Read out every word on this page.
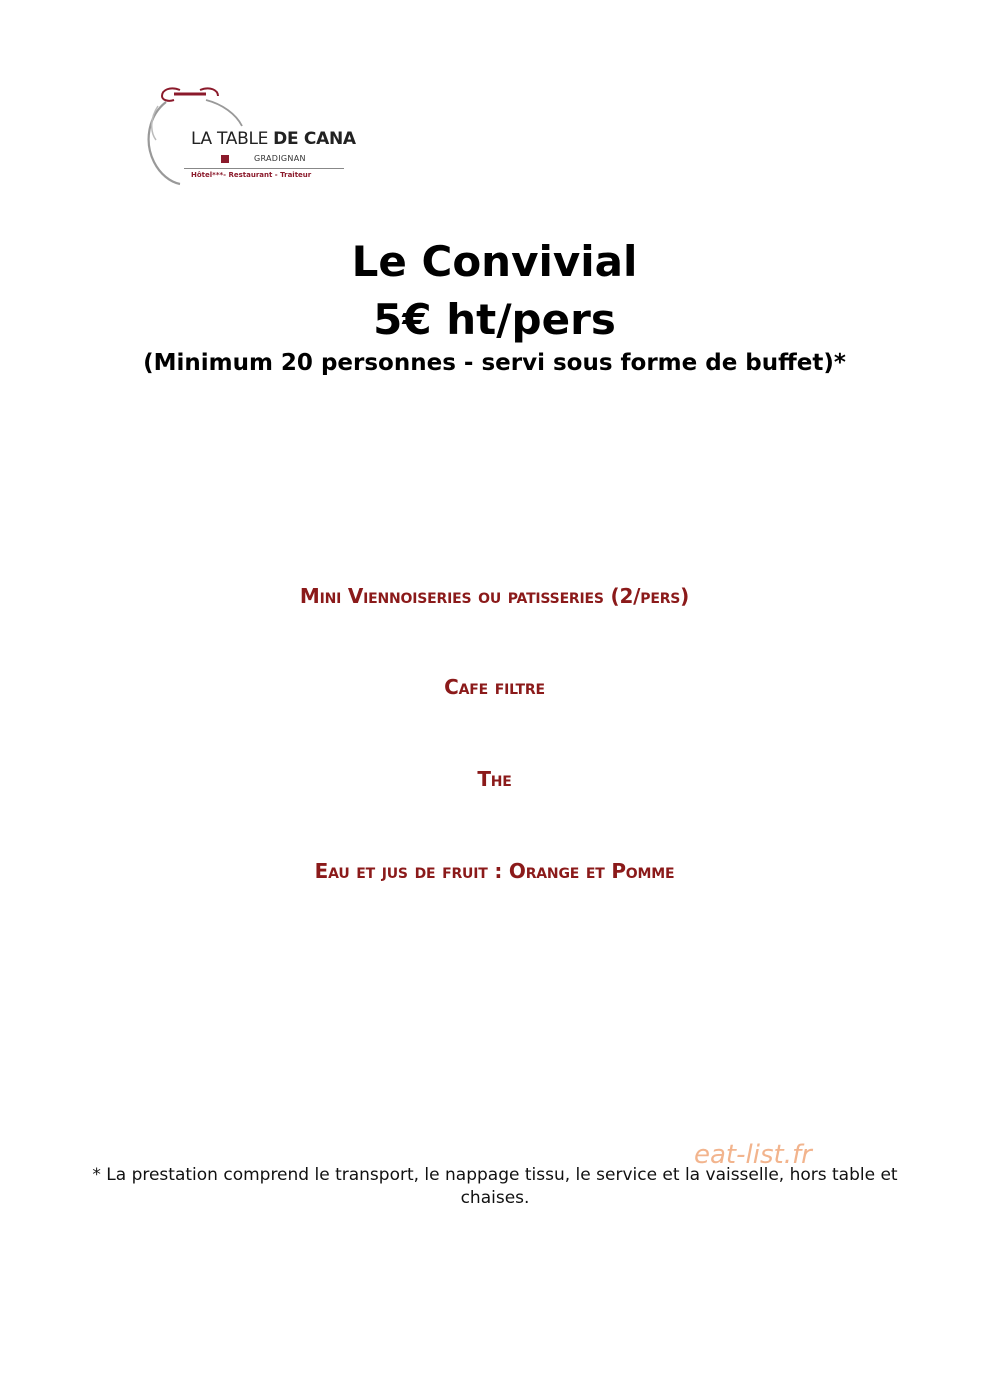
LA TABLE DE CANA
GRADIGNAN
Hôtel***- Restaurant - Traiteur
Le Convivial
5€ ht/pers
(Minimum 20 personnes - servi sous forme de buffet)*
Mini Viennoiseries ou patisseries (2/pers)
Cafe filtre
The
Eau et jus de fruit : Orange et Pomme
eat-list.fr
* La prestation comprend le transport, le nappage tissu, le service et la vaisselle, hors table et chaises.
